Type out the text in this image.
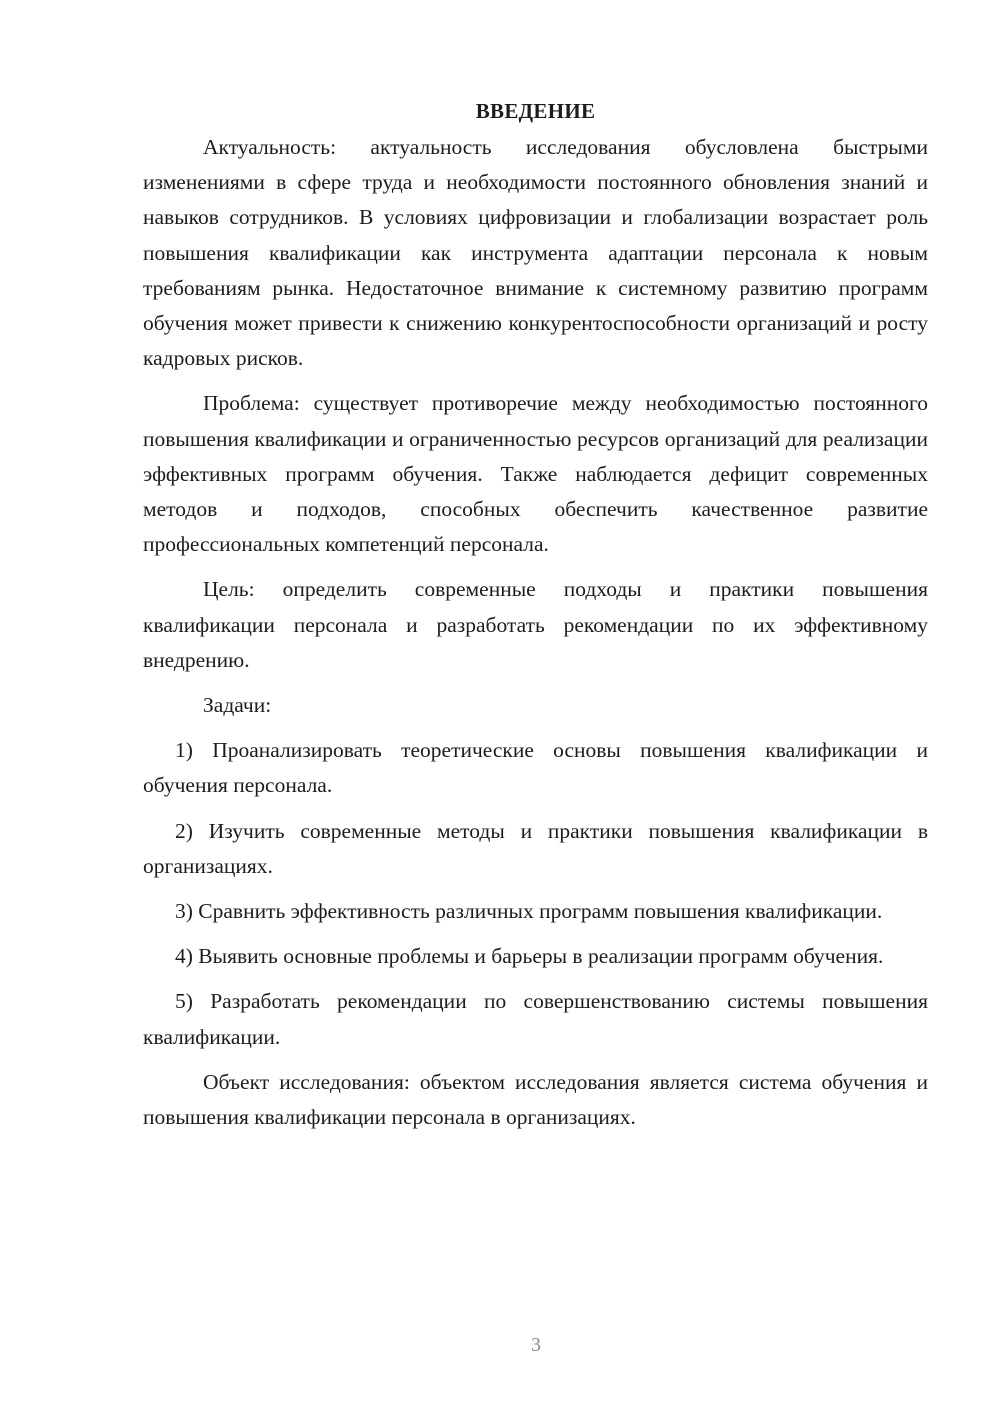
ВВЕДЕНИЕ

Актуальность: актуальность исследования обусловлена быстрыми изменениями в сфере труда и необходимости постоянного обновления знаний и навыков сотрудников. В условиях цифровизации и глобализации возрастает роль повышения квалификации как инструмента адаптации персонала к новым требованиям рынка. Недостаточное внимание к системному развитию программ обучения может привести к снижению конкурентоспособности организаций и росту кадровых рисков.

Проблема: существует противоречие между необходимостью постоянного повышения квалификации и ограниченностью ресурсов организаций для реализации эффективных программ обучения. Также наблюдается дефицит современных методов и подходов, способных обеспечить качественное развитие профессиональных компетенций персонала.

Цель: определить современные подходы и практики повышения квалификации персонала и разработать рекомендации по их эффективному внедрению.

Задачи:

1) Проанализировать теоретические основы повышения квалификации и обучения персонала.

2) Изучить современные методы и практики повышения квалификации в организациях.

3) Сравнить эффективность различных программ повышения квалификации.

4) Выявить основные проблемы и барьеры в реализации программ обучения.

5) Разработать рекомендации по совершенствованию системы повышения квалификации.

Объект исследования: объектом исследования является система обучения и повышения квалификации персонала в организациях.

3
